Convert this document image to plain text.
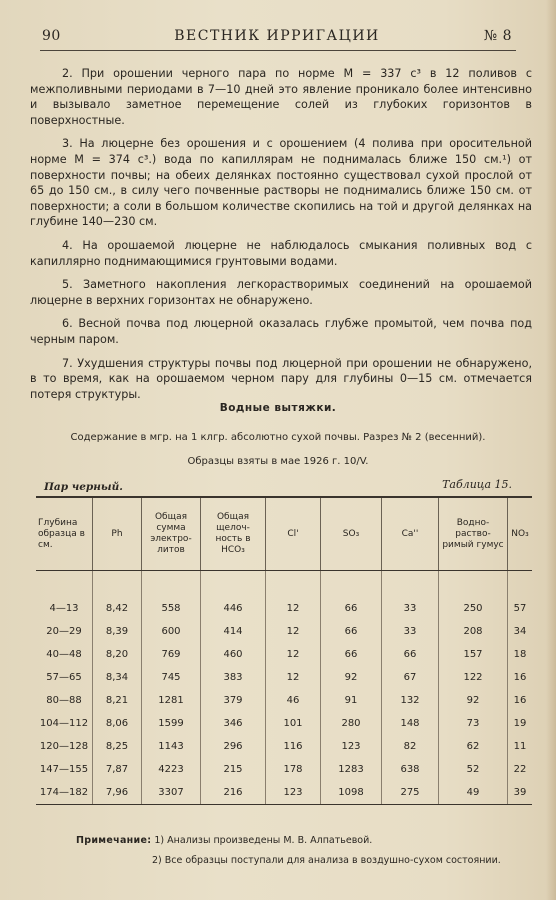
90	ВЕСТНИК ИРРИГАЦИИ	№ 8

2. При орошении черного пара по норме М = 337 с³ в 12 поливов с межполивными периодами в 7—10 дней это явление проникало более интенсивно и вызывало заметное перемещение солей из глубоких горизонтов в поверхностные.

3. На люцерне без орошения и с орошением (4 полива при оросительной норме М = 374 с³.) вода по капиллярам не поднималась ближе 150 см.¹) от поверхности почвы; на обеих делянках постоянно существовал сухой прослой от 65 до 150 см., в силу чего почвенные растворы не поднимались ближе 150 см. от поверхности; а соли в большом количестве скопились на той и другой делянках на глубине 140—230 см.

4. На орошаемой люцерне не наблюдалось смыкания поливных вод с капиллярно поднимающимися грунтовыми водами.

5. Заметного накопления легкорастворимых соединений на орошаемой люцерне в верхних горизонтах не обнаружено.

6. Весной почва под люцерной оказалась глубже промытой, чем почва под черным паром.

7. Ухудшения структуры почвы под люцерной при орошении не обнаружено, в то время, как на орошаемом черном пару для глубины 0—15 см. отмечается потеря структуры.

Водные вытяжки.
Содержание в мгр. на 1 клгр. абсолютно сухой почвы. Разрез № 2 (весенний).
Образцы взяты в мае 1926 г. 10/V.
Пар черный.	Таблица 15.
Глубина образца в см.	Ph	Общая сумма электро-литов	Общая щелоч-ность в HCO₃	Cl'	SO₃	Ca''	Водно-раство-римый гумус	NO₃

4—13	8,42	558	446	12	66	33	250	57
20—29	8,39	600	414	12	66	33	208	34
40—48	8,20	769	460	12	66	66	157	18
57—65	8,34	745	383	12	92	67	122	16
80—88	8,21	1281	379	46	91	132	92	16
104—112	8,06	1599	346	101	280	148	73	19
120—128	8,25	1143	296	116	123	82	62	11
147—155	7,87	4223	215	178	1283	638	52	22
174—182	7,96	3307	216	123	1098	275	49	39
Примечание: 1) Анализы произведены М. В. Алпатьевой.
2) Все образцы поступали для анализа в воздушно-сухом состоянии.
